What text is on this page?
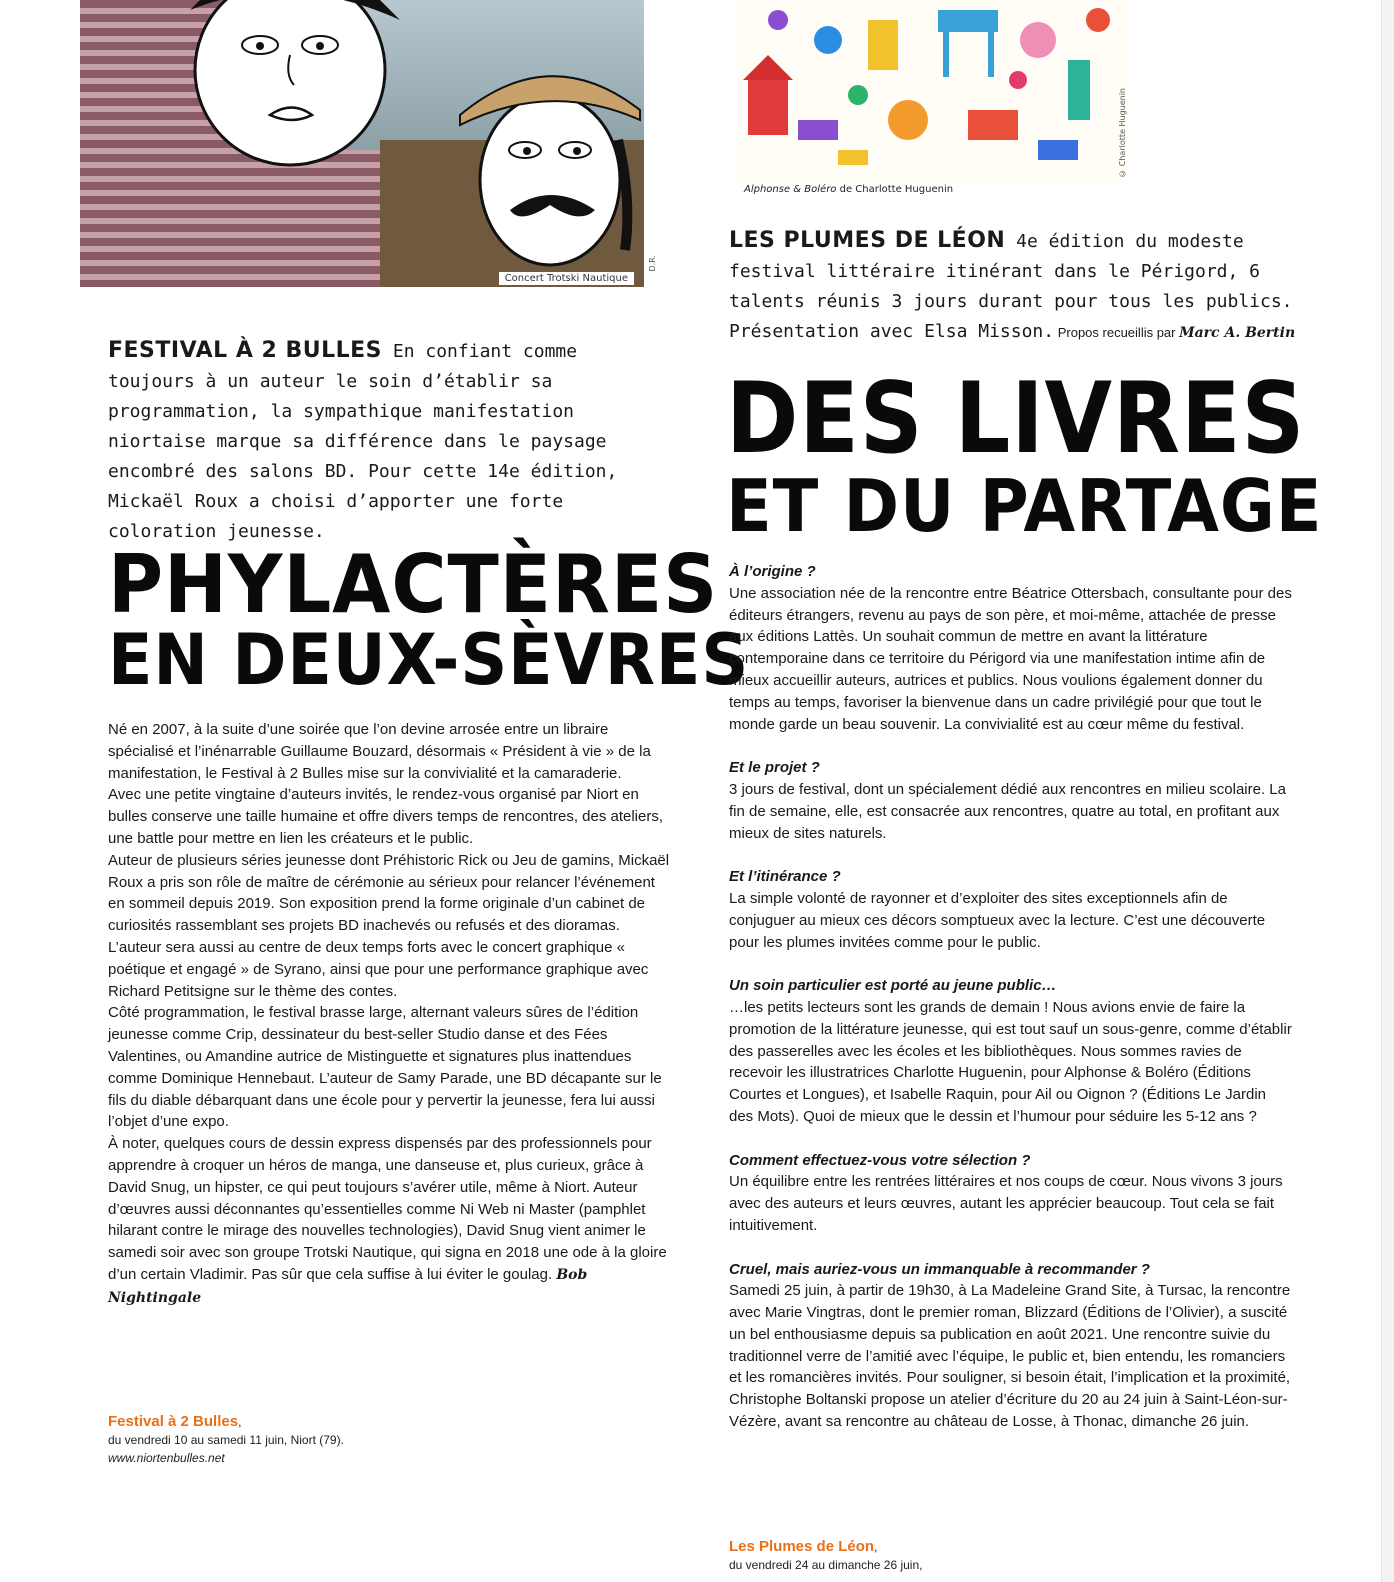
Concert Trotski Nautique
D.R.
© Charlotte Huguenin
Alphonse & Boléro de Charlotte Huguenin
FESTIVAL À 2 BULLES En confiant comme toujours à un auteur le soin d’établir sa programmation, la sympathique manifestation niortaise marque sa différence dans le paysage encombré des salons BD. Pour cette 14e édition, Mickaël Roux a choisi d’apporter une forte coloration jeunesse.
PHYLACTÈRES
EN DEUX-SÈVRES

Né en 2007, à la suite d’une soirée que l’on devine arrosée entre un libraire spécialisé et l’inénarrable Guillaume Bouzard, désormais « Président à vie » de la manifestation, le Festival à 2 Bulles mise sur la convivialité et la camaraderie.

Avec une petite vingtaine d’auteurs invités, le rendez-vous organisé par Niort en bulles conserve une taille humaine et offre divers temps de rencontres, des ateliers, une battle pour mettre en lien les créateurs et le public.

Auteur de plusieurs séries jeunesse dont Préhistoric Rick ou Jeu de gamins, Mickaël Roux a pris son rôle de maître de cérémonie au sérieux pour relancer l’événement en sommeil depuis 2019. Son exposition prend la forme originale d’un cabinet de curiosités rassemblant ses projets BD inachevés ou refusés et des dioramas. L’auteur sera aussi au centre de deux temps forts avec le concert graphique « poétique et engagé » de Syrano, ainsi que pour une performance graphique avec Richard Petitsigne sur le thème des contes.

Côté programmation, le festival brasse large, alternant valeurs sûres de l’édition jeunesse comme Crip, dessinateur du best-seller Studio danse et des Fées Valentines, ou Amandine autrice de Mistinguette et signatures plus inattendues comme Dominique Hennebaut. L’auteur de Samy Parade, une BD décapante sur le fils du diable débarquant dans une école pour y pervertir la jeunesse, fera lui aussi l’objet d’une expo.

À noter, quelques cours de dessin express dispensés par des professionnels pour apprendre à croquer un héros de manga, une danseuse et, plus curieux, grâce à David Snug, un hipster, ce qui peut toujours s’avérer utile, même à Niort. Auteur d’œuvres aussi déconnantes qu’essentielles comme Ni Web ni Master (pamphlet hilarant contre le mirage des nouvelles technologies), David Snug vient animer le samedi soir avec son groupe Trotski Nautique, qui signa en 2018 une ode à la gloire d’un certain Vladimir. Pas sûr que cela suffise à lui éviter le goulag. Bob Nightingale

Festival à 2 Bulles,
du vendredi 10 au samedi 11 juin, Niort (79).
www.niortenbulles.net
LES PLUMES DE LÉON 4e édition du modeste festival littéraire itinérant dans le Périgord, 6 talents réunis 3 jours durant pour tous les publics. Présentation avec Elsa Misson. Propos recueillis par Marc A. Bertin
DES LIVRES
ET DU PARTAGE
À l’origine ?
Une association née de la rencontre entre Béatrice Ottersbach, consultante pour des éditeurs étrangers, revenu au pays de son père, et moi-même, attachée de presse aux éditions Lattès. Un souhait commun de mettre en avant la littérature contemporaine dans ce territoire du Périgord via une manifestation intime afin de mieux accueillir auteurs, autrices et publics. Nous voulions également donner du temps au temps, favoriser la bienvenue dans un cadre privilégié pour que tout le monde garde un beau souvenir. La convivialité est au cœur même du festival.
Et le projet ?
3 jours de festival, dont un spécialement dédié aux rencontres en milieu scolaire. La fin de semaine, elle, est consacrée aux rencontres, quatre au total, en profitant aux mieux de sites naturels.
Et l’itinérance ?
La simple volonté de rayonner et d’exploiter des sites exceptionnels afin de conjuguer au mieux ces décors somptueux avec la lecture. C’est une découverte pour les plumes invitées comme pour le public.
Un soin particulier est porté au jeune public…
…les petits lecteurs sont les grands de demain ! Nous avions envie de faire la promotion de la littérature jeunesse, qui est tout sauf un sous-genre, comme d’établir des passerelles avec les écoles et les bibliothèques. Nous sommes ravies de recevoir les illustratrices Charlotte Huguenin, pour Alphonse & Boléro (Éditions Courtes et Longues), et Isabelle Raquin, pour Ail ou Oignon ? (Éditions Le Jardin des Mots). Quoi de mieux que le dessin et l’humour pour séduire les 5-12 ans ?
Comment effectuez-vous votre sélection ?
Un équilibre entre les rentrées littéraires et nos coups de cœur. Nous vivons 3 jours avec des auteurs et leurs œuvres, autant les apprécier beaucoup. Tout cela se fait intuitivement.
Cruel, mais auriez-vous un immanquable à recommander ?
Samedi 25 juin, à partir de 19h30, à La Madeleine Grand Site, à Tursac, la rencontre avec Marie Vingtras, dont le premier roman, Blizzard (Éditions de l’Olivier), a suscité un bel enthousiasme depuis sa publication en août 2021. Une rencontre suivie du traditionnel verre de l’amitié avec l’équipe, le public et, bien entendu, les romanciers et les romancières invités. Pour souligner, si besoin était, l’implication et la proximité, Christophe Boltanski propose un atelier d’écriture du 20 au 24 juin à Saint-Léon-sur-Vézère, avant sa rencontre au château de Losse, à Thonac, dimanche 26 juin.
Les Plumes de Léon,
du vendredi 24 au dimanche 26 juin,
